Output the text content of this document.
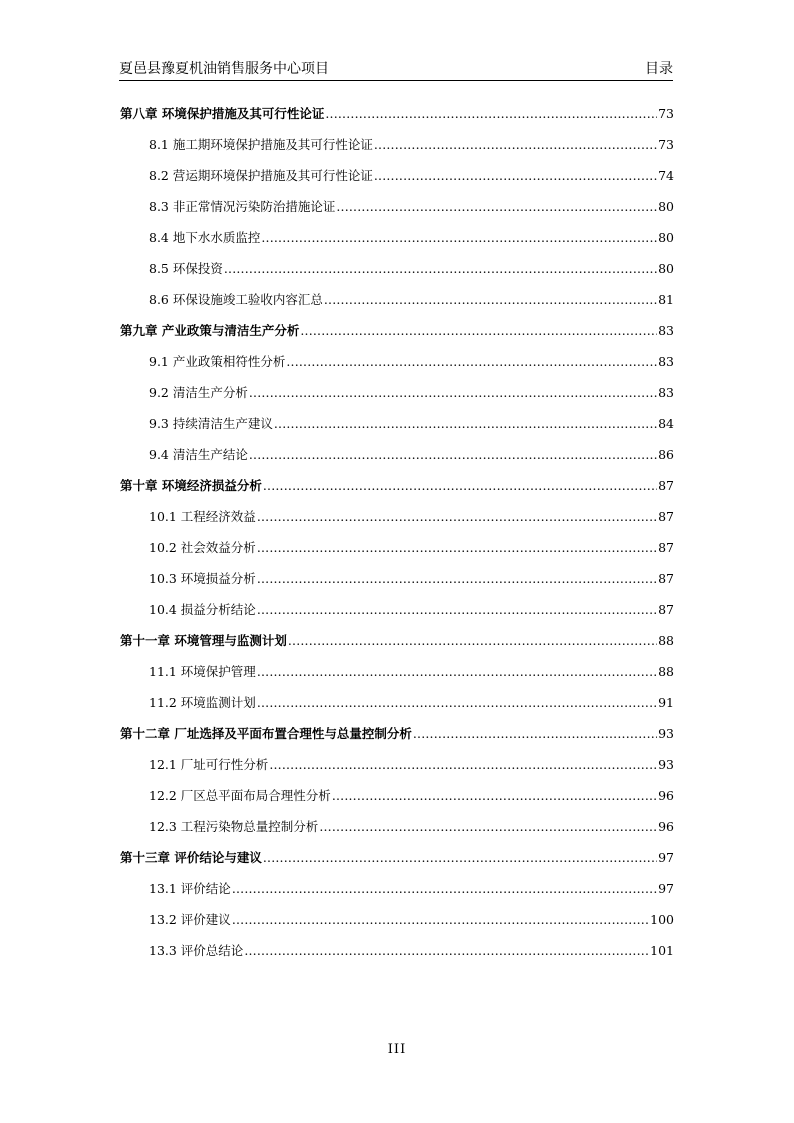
夏邑县豫夏机油销售服务中心项目	目录
第八章 环境保护措施及其可行性论证 .....	73
8.1 施工期环境保护措施及其可行性论证 .....	73
8.2 营运期环境保护措施及其可行性论证 .....	74
8.3 非正常情况污染防治措施论证 .....	80
8.4 地下水水质监控 .....	80
8.5 环保投资 .....	80
8.6 环保设施竣工验收内容汇总 .....	81
第九章 产业政策与清洁生产分析 .....	83
9.1 产业政策相符性分析 .....	83
9.2 清洁生产分析 .....	83
9.3 持续清洁生产建议 .....	84
9.4 清洁生产结论 .....	86
第十章 环境经济损益分析 .....	87
10.1 工程经济效益 .....	87
10.2 社会效益分析 .....	87
10.3 环境损益分析 .....	87
10.4 损益分析结论 .....	87
第十一章 环境管理与监测计划 .....	88
11.1 环境保护管理 .....	88
11.2 环境监测计划 .....	91
第十二章 厂址选择及平面布置合理性与总量控制分析 .....	93
12.1 厂址可行性分析 .....	93
12.2 厂区总平面布局合理性分析 .....	96
12.3 工程污染物总量控制分析 .....	96
第十三章 评价结论与建议 .....	97
13.1 评价结论 .....	97
13.2 评价建议 .....	100
13.3 评价总结论 .....	101
III
